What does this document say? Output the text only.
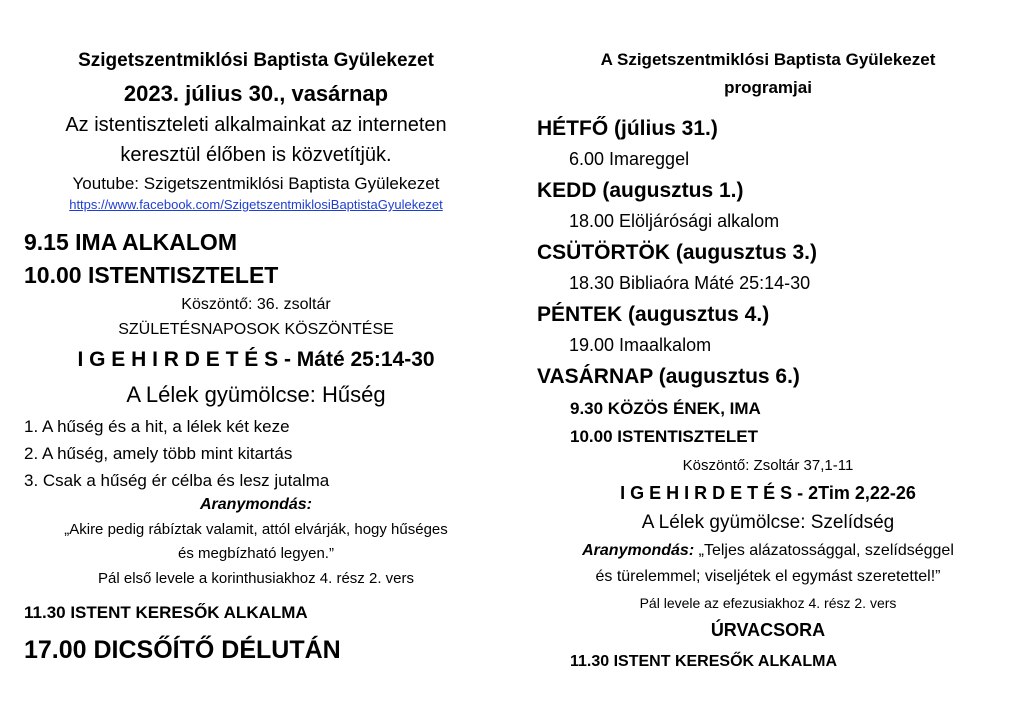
Szigetszentmiklósi Baptista Gyülekezet
2023. július 30., vasárnap
Az istentiszteleti alkalmainkat az interneten
keresztül élőben is közvetítjük.
Youtube: Szigetszentmiklósi Baptista Gyülekezet
https://www.facebook.com/SzigetszentmiklosiBaptistaGyulekezet
9.15 IMA ALKALOM
10.00 ISTENTISZTELET
Köszöntő: 36. zsoltár
SZÜLETÉSNAPOSOK KÖSZÖNTÉSE
I G E H I R D E T É S - Máté 25:14-30
A Lélek gyümölcse: Hűség
1. A hűség és a hit, a lélek két keze
2. A hűség, amely több mint kitartás
3. Csak a hűség ér célba és lesz jutalma
Aranymondás:
„Akire pedig rábíztak valamit, attól elvárják, hogy hűséges
és megbízható legyen.”
Pál első levele a korinthusiakhoz 4. rész 2. vers
11.30 ISTENT KERESŐK ALKALMA
17.00 DICSŐÍTŐ DÉLUTÁN
A Szigetszentmiklósi Baptista Gyülekezet
programjai
HÉTFŐ (július 31.)
6.00 Imareggel
KEDD (augusztus 1.)
18.00 Elöljárósági alkalom
CSÜTÖRTÖK (augusztus 3.)
18.30 Bibliaóra Máté 25:14-30
PÉNTEK (augusztus 4.)
19.00 Imaalkalom
VASÁRNAP (augusztus 6.)
9.30 KÖZÖS ÉNEK, IMA
10.00 ISTENTISZTELET
Köszöntő: Zsoltár 37,1-11
I G E H I R D E T É S - 2Tim 2,22-26
A Lélek gyümölcse: Szelídség
Aranymondás: „Teljes alázatossággal, szelídséggel
és türelemmel; viseljétek el egymást szeretettel!”
Pál levele az efezusiakhoz 4. rész 2. vers
ÚRVACSORA
11.30 ISTENT KERESŐK ALKALMA
